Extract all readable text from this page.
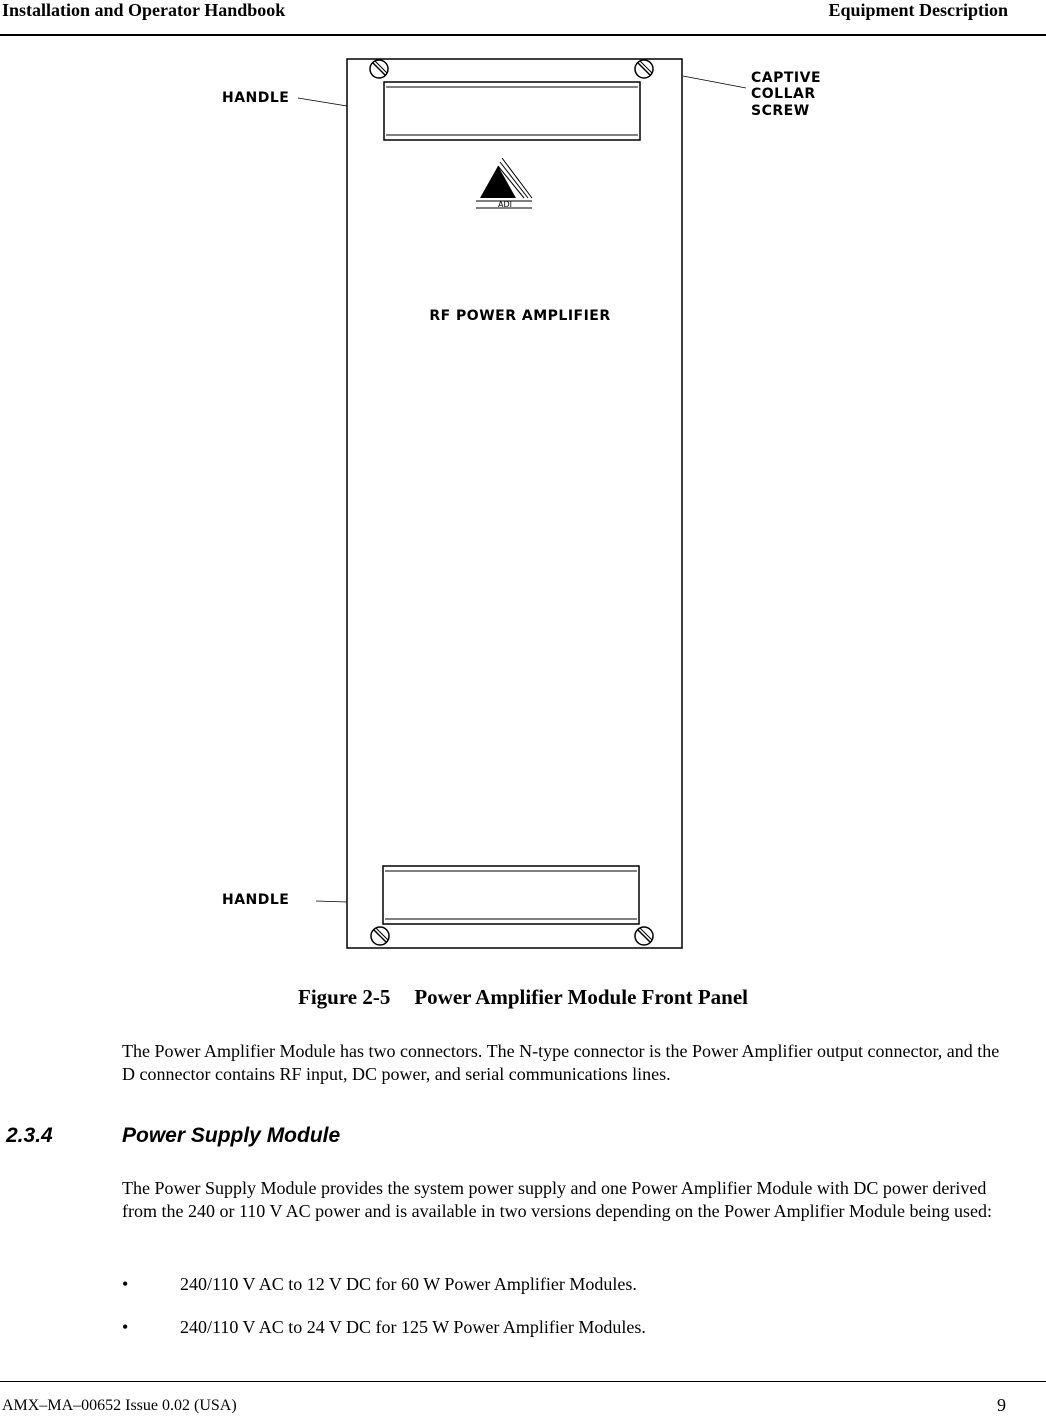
Installation and Operator Handbook	Equipment Description
ADI
RF POWER AMPLIFIER
HANDLE
CAPTIVE
COLLAR
SCREW
HANDLE
Figure 2-5 Power Amplifier Module Front Panel
The Power Amplifier Module has two connectors. The N-type connector is the Power Amplifier output connector, and the D connector contains RF input, DC power, and serial communications lines.
2.3.4	Power Supply Module
The Power Supply Module provides the system power supply and one Power Amplifier Module with DC power derived from the 240 or 110 V AC power and is available in two versions depending on the Power Amplifier Module being used:
•	240/110 V AC to 12 V DC for 60 W Power Amplifier Modules.
•	240/110 V AC to 24 V DC for 125 W Power Amplifier Modules.
AMX–MA–00652 Issue 0.02 (USA)	9
